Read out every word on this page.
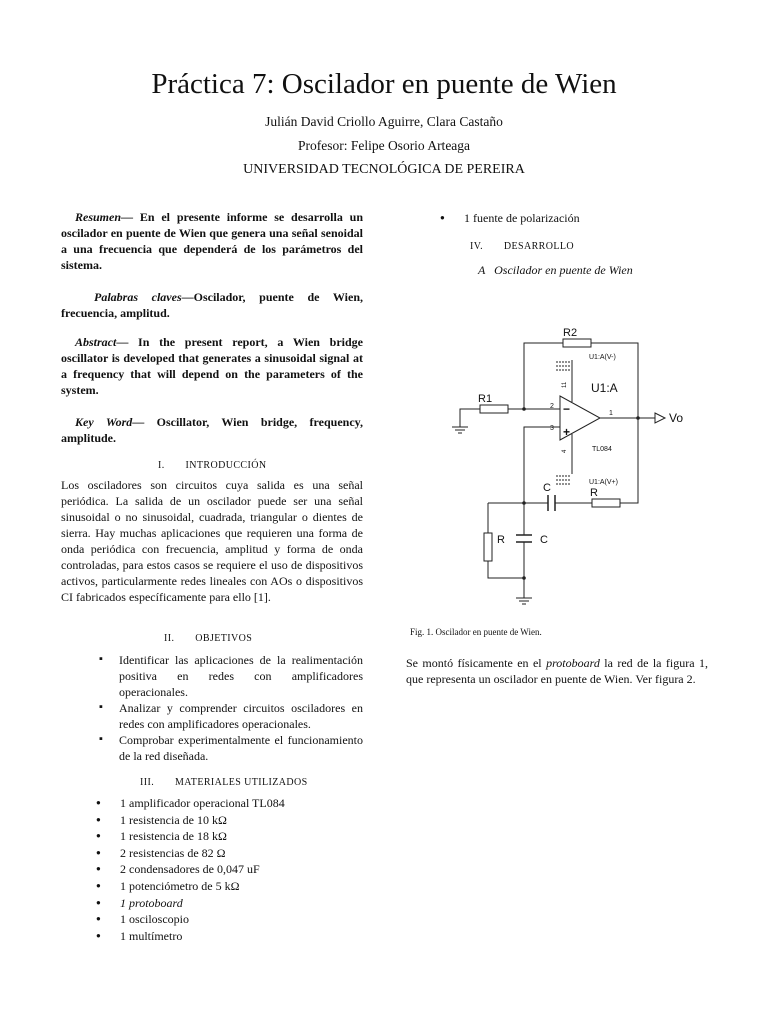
Práctica 7: Oscilador en puente de Wien
Julián David Criollo Aguirre, Clara Castaño
Profesor: Felipe Osorio Arteaga
UNIVERSIDAD TECNOLÓGICA DE PEREIRA
Resumen— En el presente informe se desarrolla un oscilador en puente de Wien que genera una señal senoidal a una frecuencia que dependerá de los parámetros del sistema.
Palabras claves—Oscilador, puente de Wien, frecuencia, amplitud.
Abstract— In the present report, a Wien bridge oscillator is developed that generates a sinusoidal signal at a frequency that will depend on the parameters of the system.
Key Word— Oscillator, Wien bridge, frequency, amplitude.
I. INTRODUCCIÓN
Los osciladores son circuitos cuya salida es una señal periódica. La salida de un oscilador puede ser una señal sinusoidal o no sinusoidal, cuadrada, triangular o dientes de sierra. Hay muchas aplicaciones que requieren una forma de onda periódica con frecuencia, amplitud y forma de onda controladas, para estos casos se requiere el uso de dispositivos activos, particularmente redes lineales con AOs o dispositivos CI fabricados específicamente para ello [1].
II. OBJETIVOS
▪ Identificar las aplicaciones de la realimentación positiva en redes con amplificadores operacionales.
▪ Analizar y comprender circuitos osciladores en redes con amplificadores operacionales.
▪ Comprobar experimentalmente el funcionamiento de la red diseñada.
III. MATERIALES UTILIZADOS
● 1 amplificador operacional TL084
● 1 resistencia de 10 kΩ
● 1 resistencia de 18 kΩ
● 2 resistencias de 82 Ω
● 2 condensadores de 0,047 uF
● 1 potenciómetro de 5 kΩ
● 1 protoboard
● 1 osciloscopio
● 1 multímetro
● 1 fuente de polarización
IV. DESARROLLO
A   Oscilador en puente de Wien
R2
R1
−
+
2
3
1
U1:A
TL084
U1:A(V-)
U1:A(V+)
11
4
Vo
C	R
R	C
Fig. 1. Oscilador en puente de Wien.
Se montó físicamente en el protoboard la red de la figura 1, que representa un oscilador en puente de Wien. Ver figura 2.
